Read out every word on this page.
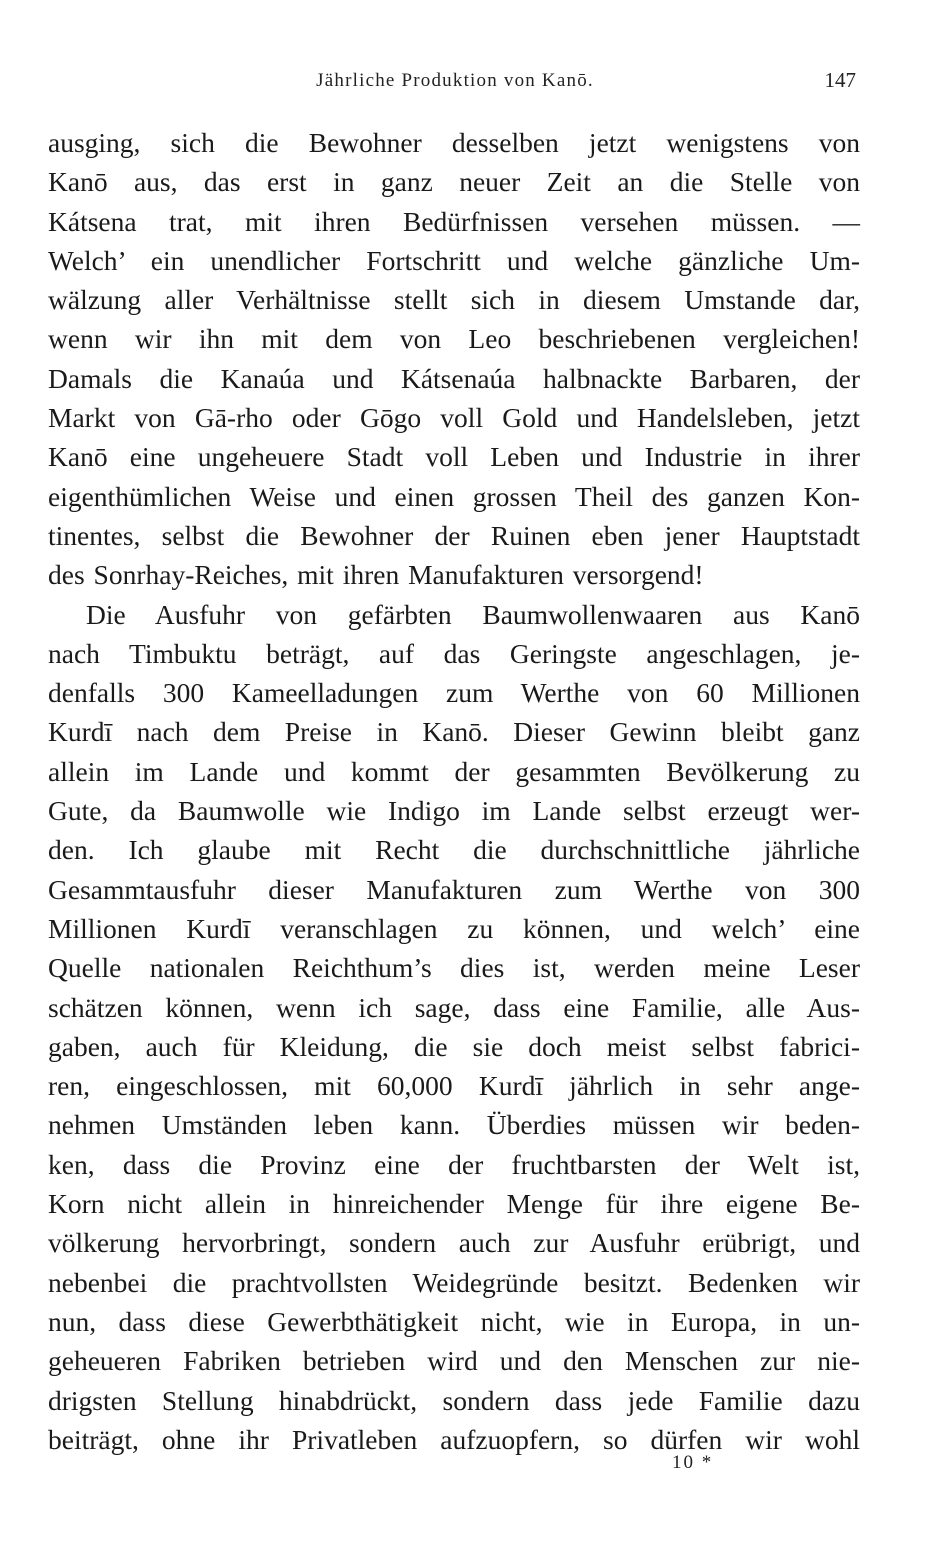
Jährliche Produktion von Kanō.	147
ausging, sich die Bewohner desselben jetzt wenigstens von
Kanō aus, das erst in ganz neuer Zeit an die Stelle von
Kátsena trat, mit ihren Bedürfnissen versehen müssen. —
Welch’ ein unendlicher Fortschritt und welche gänzliche Um-
wälzung aller Verhältnisse stellt sich in diesem Umstande dar,
wenn wir ihn mit dem von Leo beschriebenen vergleichen!
Damals die Kanaúa und Kátsenaúa halbnackte Barbaren, der
Markt von Gā-rho oder Gōgo voll Gold und Handelsleben, jetzt
Kanō eine ungeheuere Stadt voll Leben und Industrie in ihrer
eigenthümlichen Weise und einen grossen Theil des ganzen Kon-
tinentes, selbst die Bewohner der Ruinen eben jener Hauptstadt
des Sonrhay-Reiches, mit ihren Manufakturen versorgend!
Die Ausfuhr von gefärbten Baumwollenwaaren aus Kanō
nach Timbuktu beträgt, auf das Geringste angeschlagen, je-
denfalls 300 Kameelladungen zum Werthe von 60 Millionen
Kurdī nach dem Preise in Kanō. Dieser Gewinn bleibt ganz
allein im Lande und kommt der gesammten Bevölkerung zu
Gute, da Baumwolle wie Indigo im Lande selbst erzeugt wer-
den. Ich glaube mit Recht die durchschnittliche jährliche
Gesammtausfuhr dieser Manufakturen zum Werthe von 300
Millionen Kurdī veranschlagen zu können, und welch’ eine
Quelle nationalen Reichthum’s dies ist, werden meine Leser
schätzen können, wenn ich sage, dass eine Familie, alle Aus-
gaben, auch für Kleidung, die sie doch meist selbst fabrici-
ren, eingeschlossen, mit 60,000 Kurdī jährlich in sehr ange-
nehmen Umständen leben kann. Überdies müssen wir beden-
ken, dass die Provinz eine der fruchtbarsten der Welt ist,
Korn nicht allein in hinreichender Menge für ihre eigene Be-
völkerung hervorbringt, sondern auch zur Ausfuhr erübrigt, und
nebenbei die prachtvollsten Weidegründe besitzt. Bedenken wir
nun, dass diese Gewerbthätigkeit nicht, wie in Europa, in un-
geheueren Fabriken betrieben wird und den Menschen zur nie-
drigsten Stellung hinabdrückt, sondern dass jede Familie dazu
beiträgt, ohne ihr Privatleben aufzuopfern, so dürfen wir wohl
10 *
